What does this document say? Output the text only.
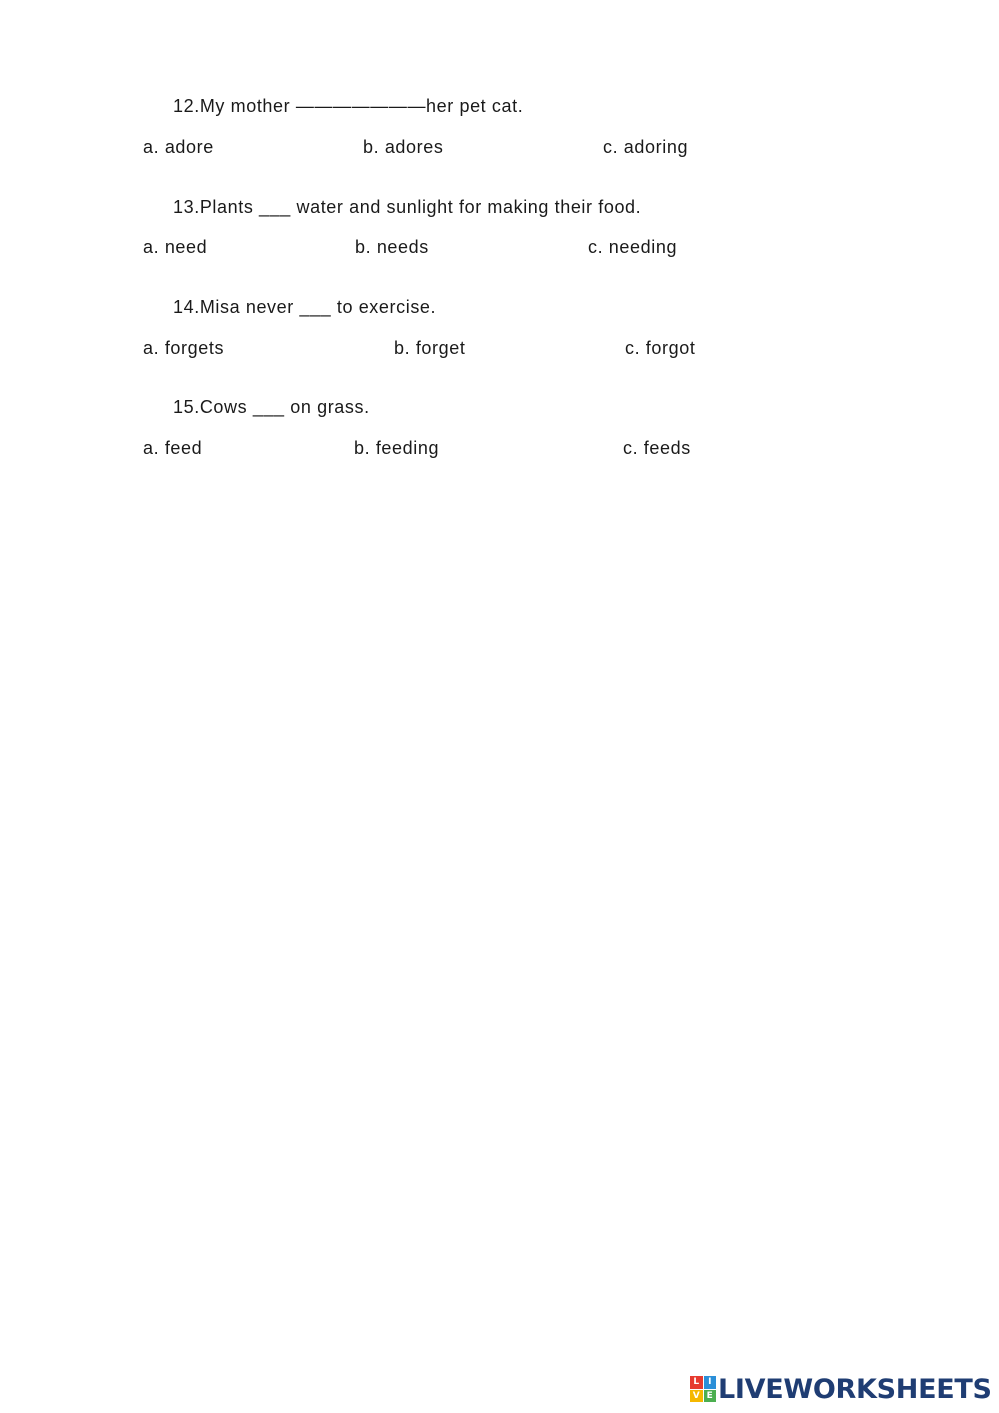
12.My mother ———————her pet cat.
a. adore	b. adores	c. adoring
13.Plants ___ water and sunlight for making their food.
a. need	b. needs	c. needing
14.Misa never ___ to exercise.
a. forgets	b. forget	c. forgot
15.Cows ___ on grass.
a. feed	b. feeding	c. feeds
L I
V E LIVEWORKSHEETS
